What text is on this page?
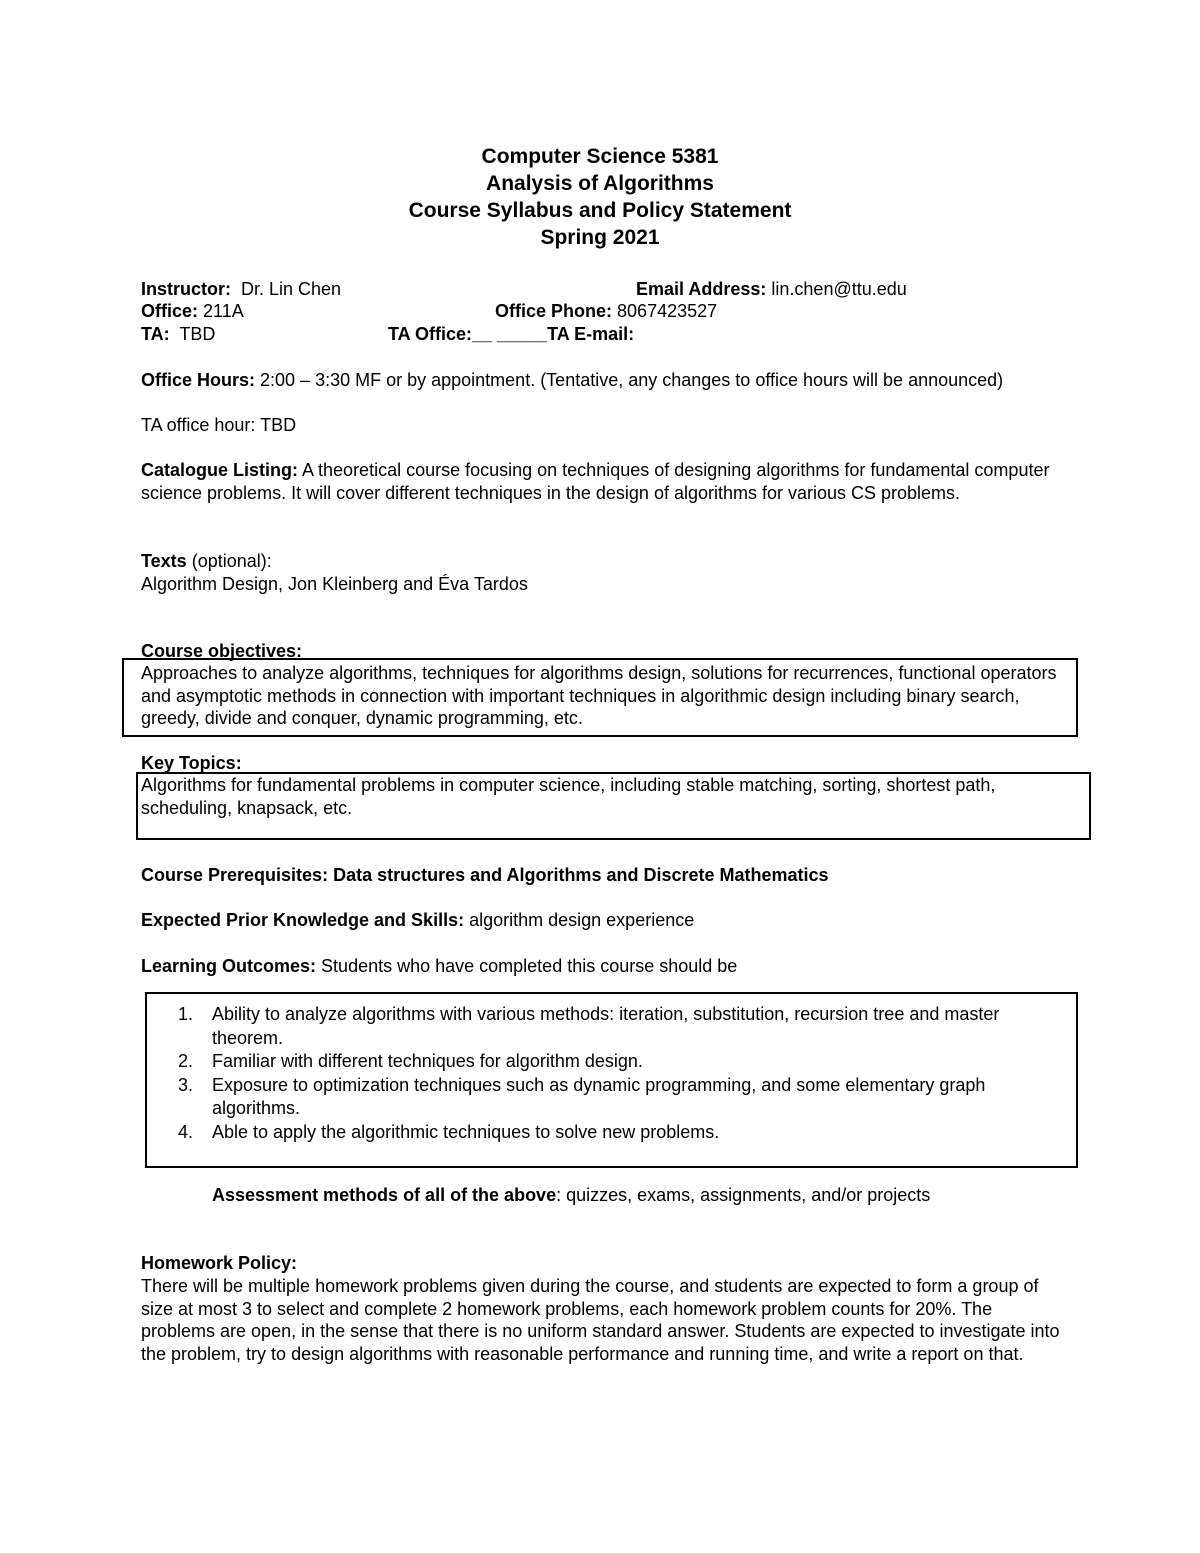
Computer Science 5381
Analysis of Algorithms
Course Syllabus and Policy Statement
Spring 2021
Instructor: Dr. Lin Chen	Email Address: lin.chen@ttu.edu
Office: 211A	Office Phone: 8067423527
TA: TBD	TA Office:__ _____TA E-mail:
Office Hours: 2:00 – 3:30 MF or by appointment. (Tentative, any changes to office hours will be announced)
TA office hour: TBD
Catalogue Listing: A theoretical course focusing on techniques of designing algorithms for fundamental computer science problems. It will cover different techniques in the design of algorithms for various CS problems.
Texts (optional):
Algorithm Design, Jon Kleinberg and Éva Tardos
Course objectives:
Approaches to analyze algorithms, techniques for algorithms design, solutions for recurrences, functional operators and asymptotic methods in connection with important techniques in algorithmic design including binary search, greedy, divide and conquer, dynamic programming, etc.
Key Topics:
Algorithms for fundamental problems in computer science, including stable matching, sorting, shortest path, scheduling, knapsack, etc.
Course Prerequisites: Data structures and Algorithms and Discrete Mathematics
Expected Prior Knowledge and Skills: algorithm design experience
Learning Outcomes: Students who have completed this course should be
1. Ability to analyze algorithms with various methods: iteration, substitution, recursion tree and master theorem.
2. Familiar with different techniques for algorithm design.
3. Exposure to optimization techniques such as dynamic programming, and some elementary graph algorithms.
4. Able to apply the algorithmic techniques to solve new problems.
Assessment methods of all of the above: quizzes, exams, assignments, and/or projects
Homework Policy:
There will be multiple homework problems given during the course, and students are expected to form a group of size at most 3 to select and complete 2 homework problems, each homework problem counts for 20%. The problems are open, in the sense that there is no uniform standard answer. Students are expected to investigate into the problem, try to design algorithms with reasonable performance and running time, and write a report on that.
